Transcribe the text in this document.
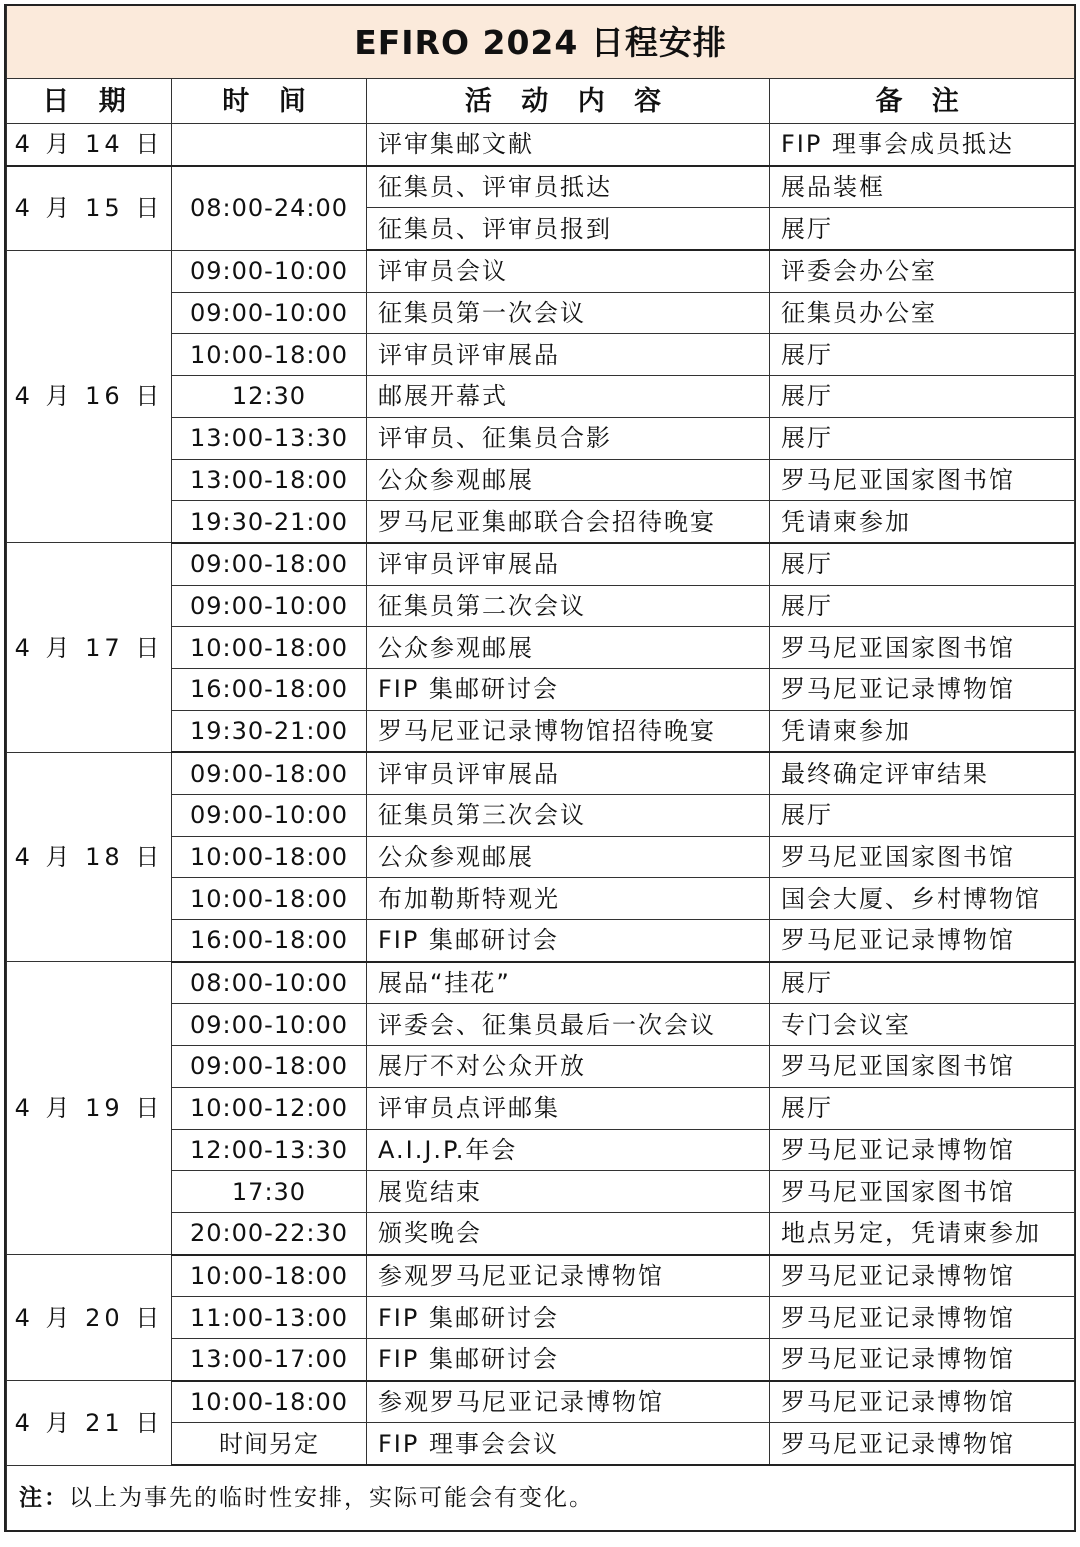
EFIRO 2024 日程安排			
日 期	时 间	活 动 内 容	备 注
4 月 14 日		评审集邮文献	FIP 理事会成员抵达
4 月 15 日	08:00-24:00	征集员、评审员抵达	展品装框
		征集员、评审员报到	展厅
4 月 16 日	09:00-10:00	评审员会议	评委会办公室
	09:00-10:00	征集员第一次会议	征集员办公室
	10:00-18:00	评审员评审展品	展厅
	12:30	邮展开幕式	展厅
	13:00-13:30	评审员、征集员合影	展厅
	13:00-18:00	公众参观邮展	罗马尼亚国家图书馆
	19:30-21:00	罗马尼亚集邮联合会招待晚宴	凭请柬参加
4 月 17 日	09:00-18:00	评审员评审展品	展厅
	09:00-10:00	征集员第二次会议	展厅
	10:00-18:00	公众参观邮展	罗马尼亚国家图书馆
	16:00-18:00	FIP 集邮研讨会	罗马尼亚记录博物馆
	19:30-21:00	罗马尼亚记录博物馆招待晚宴	凭请柬参加
4 月 18 日	09:00-18:00	评审员评审展品	最终确定评审结果
	09:00-10:00	征集员第三次会议	展厅
	10:00-18:00	公众参观邮展	罗马尼亚国家图书馆
	10:00-18:00	布加勒斯特观光	国会大厦、乡村博物馆
	16:00-18:00	FIP 集邮研讨会	罗马尼亚记录博物馆
4 月 19 日	08:00-10:00	展品“挂花”	展厅
	09:00-10:00	评委会、征集员最后一次会议	专门会议室
	09:00-18:00	展厅不对公众开放	罗马尼亚国家图书馆
	10:00-12:00	评审员点评邮集	展厅
	12:00-13:30	A.I.J.P.年会	罗马尼亚记录博物馆
	17:30	展览结束	罗马尼亚国家图书馆
	20:00-22:30	颁奖晚会	地点另定，凭请柬参加
4 月 20 日	10:00-18:00	参观罗马尼亚记录博物馆	罗马尼亚记录博物馆
	11:00-13:00	FIP 集邮研讨会	罗马尼亚记录博物馆
	13:00-17:00	FIP 集邮研讨会	罗马尼亚记录博物馆
4 月 21 日	10:00-18:00	参观罗马尼亚记录博物馆	罗马尼亚记录博物馆
	时间另定	FIP 理事会会议	罗马尼亚记录博物馆
注：以上为事先的临时性安排，实际可能会有变化。			
